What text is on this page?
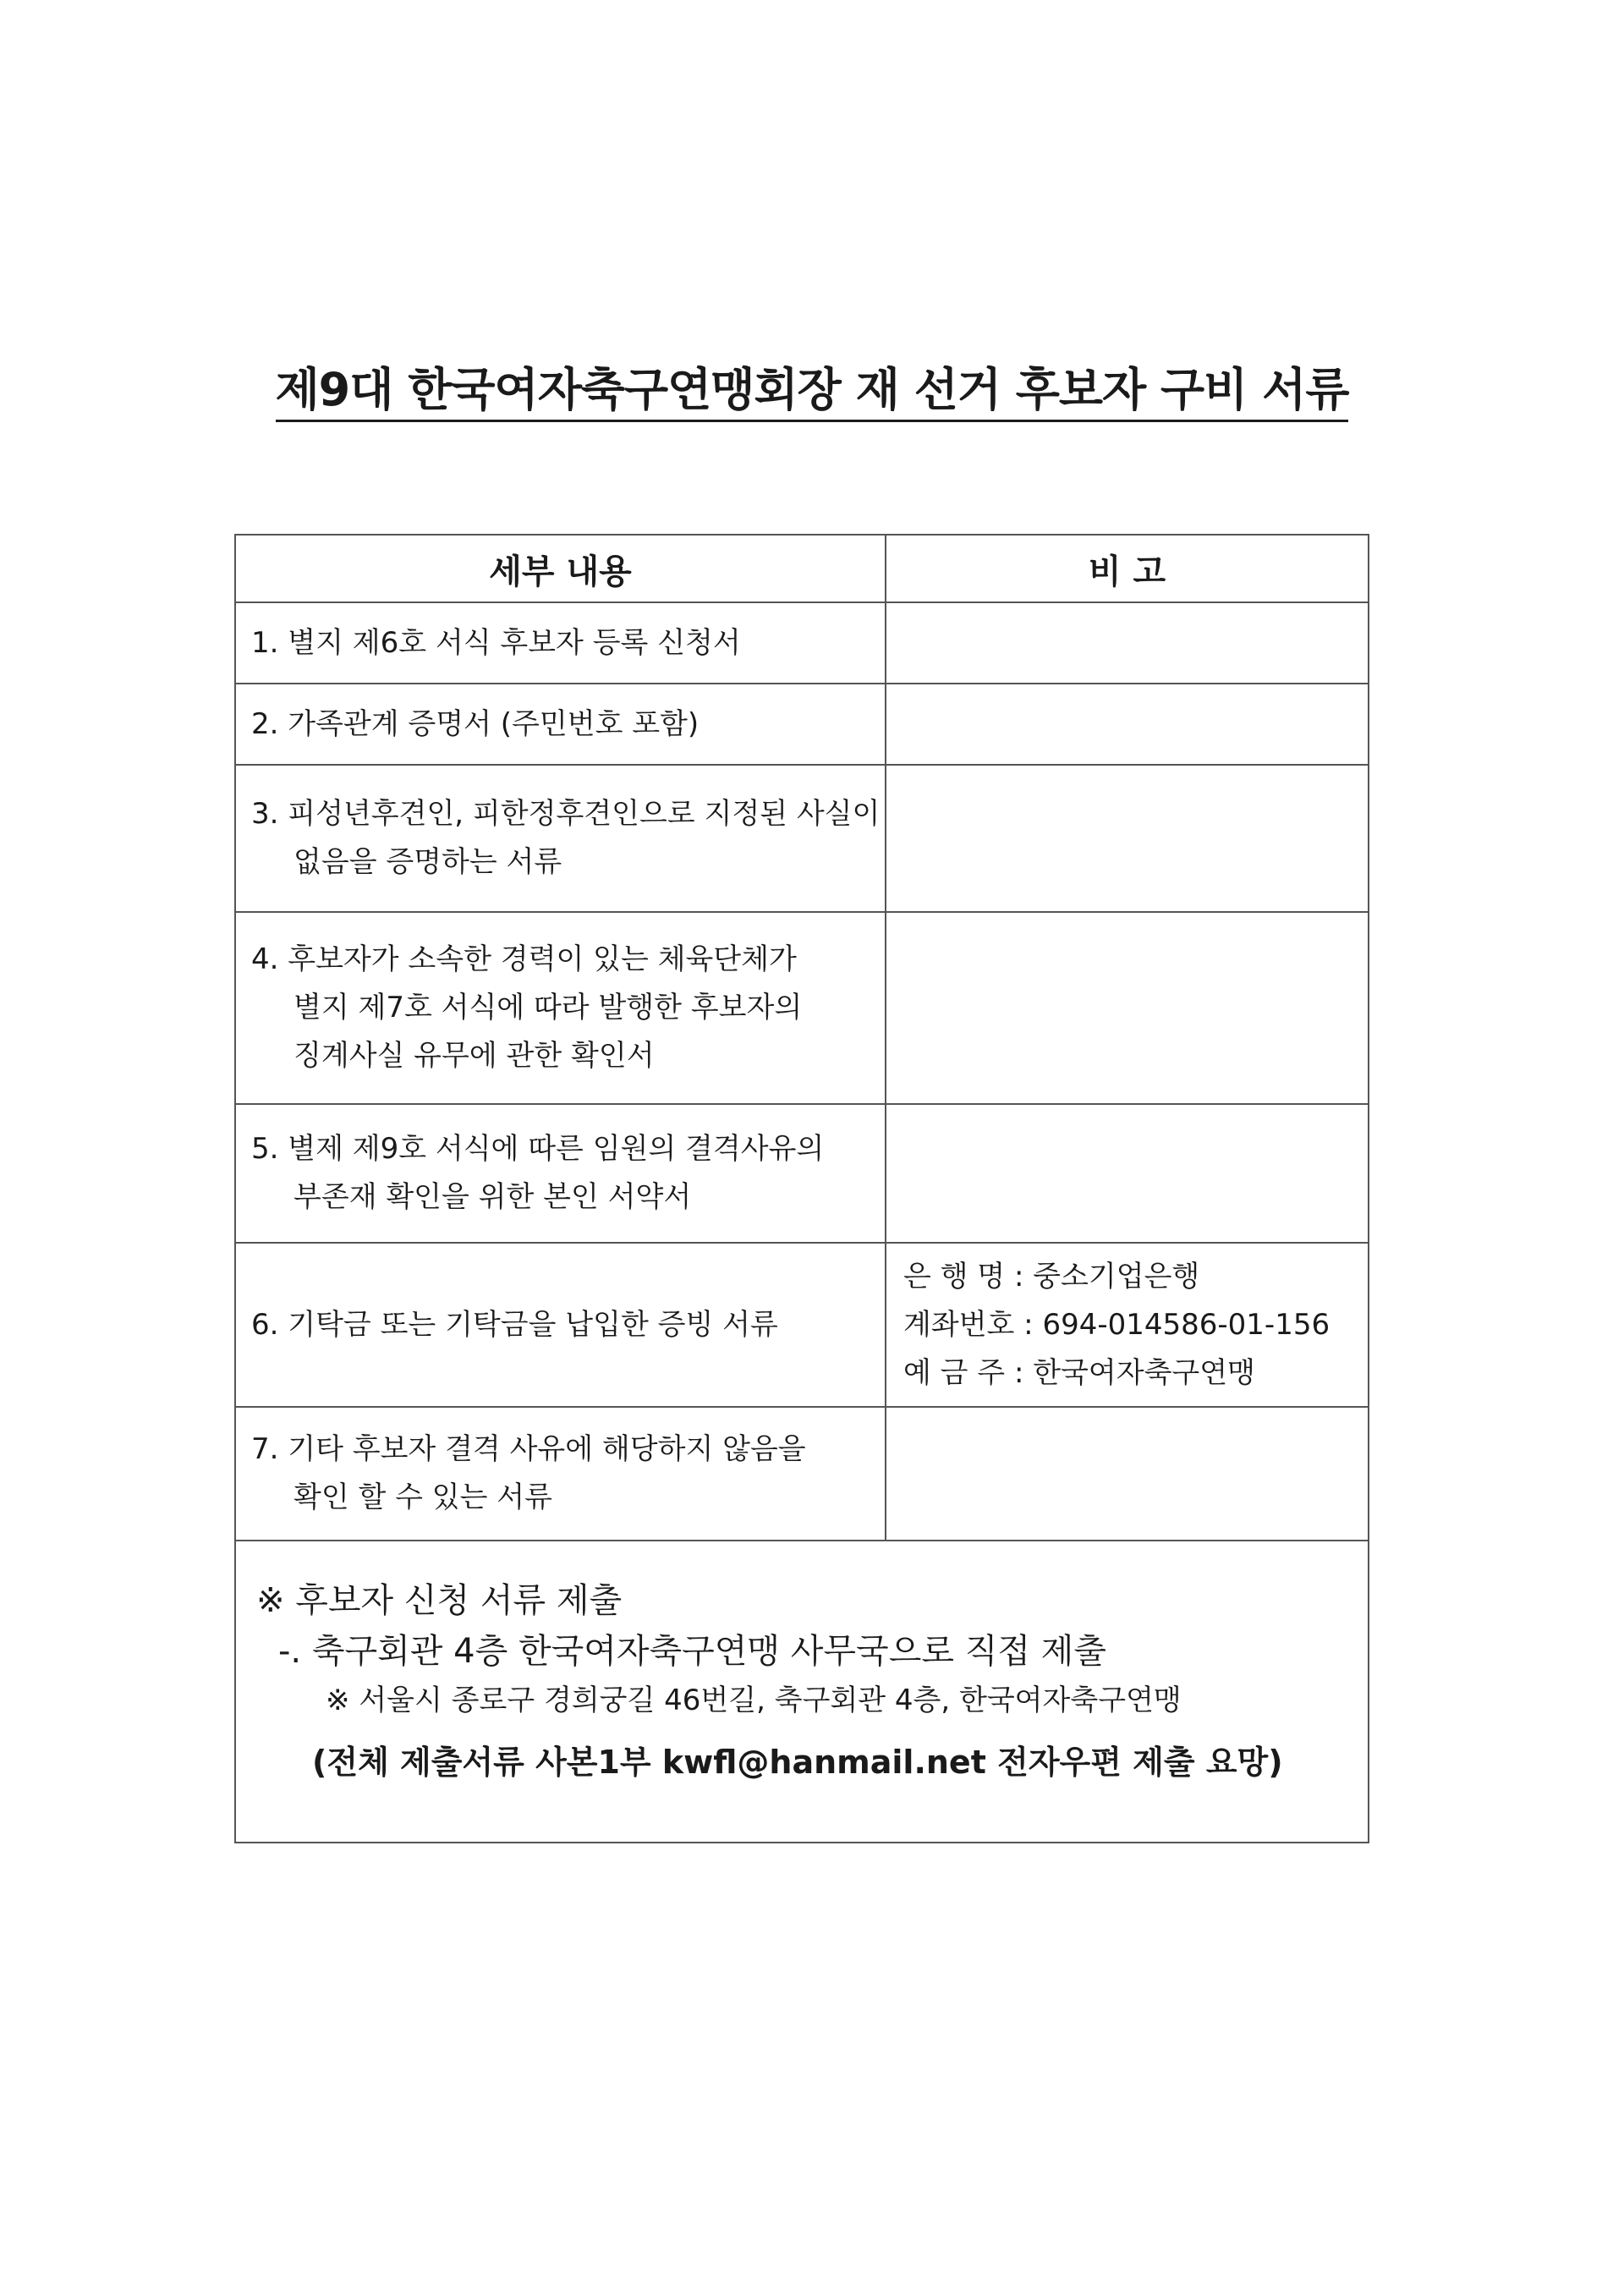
제9대 한국여자축구연맹회장 재 선거 후보자 구비 서류
세부 내용	비 고

1. 별지 제6호 서식 후보자 등록 신청서	

2. 가족관계 증명서 (주민번호 포함)	

3. 피성년후견인, 피한정후견인으로 지정된 사실이
없음을 증명하는 서류	

4. 후보자가 소속한 경력이 있는 체육단체가
별지 제7호 서식에 따라 발행한 후보자의
징계사실 유무에 관한 확인서	

5. 별제 제9호 서식에 따른 임원의 결격사유의
부존재 확인을 위한 본인 서약서	

6. 기탁금 또는 기탁금을 납입한 증빙 서류	은 행 명 : 중소기업은행
계좌번호 : 694-014586-01-156
예 금 주 : 한국여자축구연맹

7. 기타 후보자 결격 사유에 해당하지 않음을
확인 할 수 있는 서류	

※ 후보자 신청 서류 제출
-. 축구회관 4층 한국여자축구연맹 사무국으로 직접 제출
※ 서울시 종로구 경희궁길 46번길, 축구회관 4층, 한국여자축구연맹
(전체 제출서류 사본1부 kwfl@hanmail.net 전자우편 제출 요망)	
